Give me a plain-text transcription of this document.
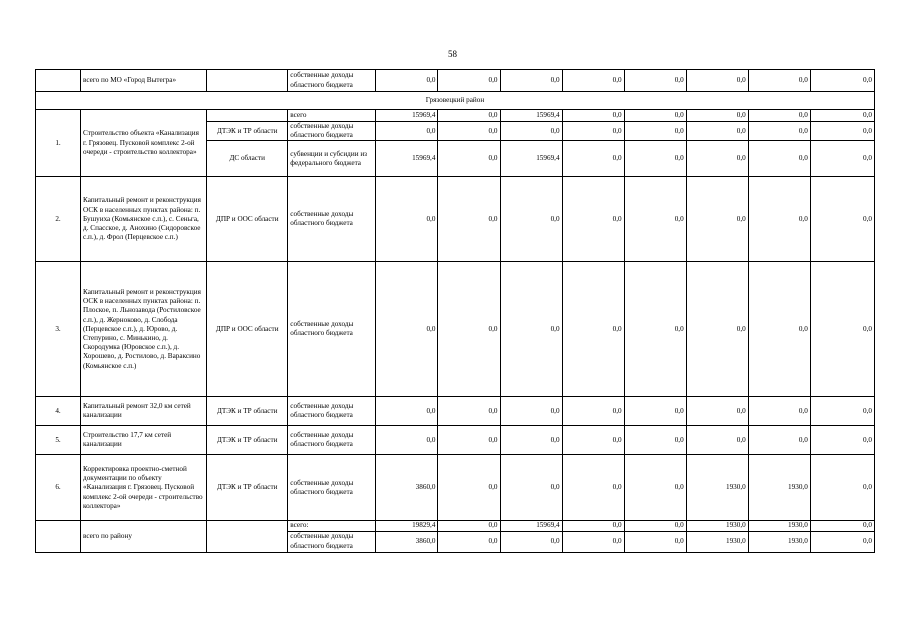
58
	всего по МО «Город Вытегра»		собственные доходы областного бюджета	0,0	0,0	0,0	0,0	0,0	0,0	0,0	0,0
Грязовецкий район											
1.	Строительство объекта «Канализация г. Грязовец. Пусковой комплекс 2-ой очереди - строительство коллектора»		всего	15969,4	0,0	15969,4	0,0	0,0	0,0	0,0	0,0
		ДТЭК и ТР области	собственные доходы областного бюджета	0,0	0,0	0,0	0,0	0,0	0,0	0,0	0,0
		ДС области	субвенции и субсидии из федерального бюджета	15969,4	0,0	15969,4	0,0	0,0	0,0	0,0	0,0
2.	Капитальный ремонт и реконструкция ОСК в населенных пунктах района: п. Бушуиха (Комьянское с.п.), с. Сеньга, д. Спасское, д. Анохино (Сидоровское с.п.), д. Фрол (Перцевское с.п.)	ДПР и ООС области	собственные доходы областного бюджета	0,0	0,0	0,0	0,0	0,0	0,0	0,0	0,0
3.	Капитальный ремонт и реконструкция ОСК в населенных пунктах района: п. Плоское, п. Льнозавода (Ростиловское с.п.), д. Жерноково, д. Слобода (Перцевское с.п.), д. Юрово, д. Степурино, с. Минькино, д. Скородумка (Юровское с.п.), д. Хорошево, д. Ростилово, д. Вараксино (Комьянское с.п.)	ДПР и ООС области	собственные доходы областного бюджета	0,0	0,0	0,0	0,0	0,0	0,0	0,0	0,0
4.	Капитальный ремонт 32,0 км сетей канализации	ДТЭК и ТР области	собственные доходы областного бюджета	0,0	0,0	0,0	0,0	0,0	0,0	0,0	0,0
5.	Строительство 17,7 км сетей канализации	ДТЭК и ТР области	собственные доходы областного бюджета	0,0	0,0	0,0	0,0	0,0	0,0	0,0	0,0
6.	Корректировка проектно-сметной документации по объекту «Канализация г. Грязовец. Пусковой комплекс 2-ой очереди - строительство коллектора»	ДТЭК и ТР области	собственные доходы областного бюджета	3860,0	0,0	0,0	0,0	0,0	1930,0	1930,0	0,0
	всего по району		всего:	19829,4	0,0	15969,4	0,0	0,0	1930,0	1930,0	0,0
			собственные доходы областного бюджета	3860,0	0,0	0,0	0,0	0,0	1930,0	1930,0	0,0
